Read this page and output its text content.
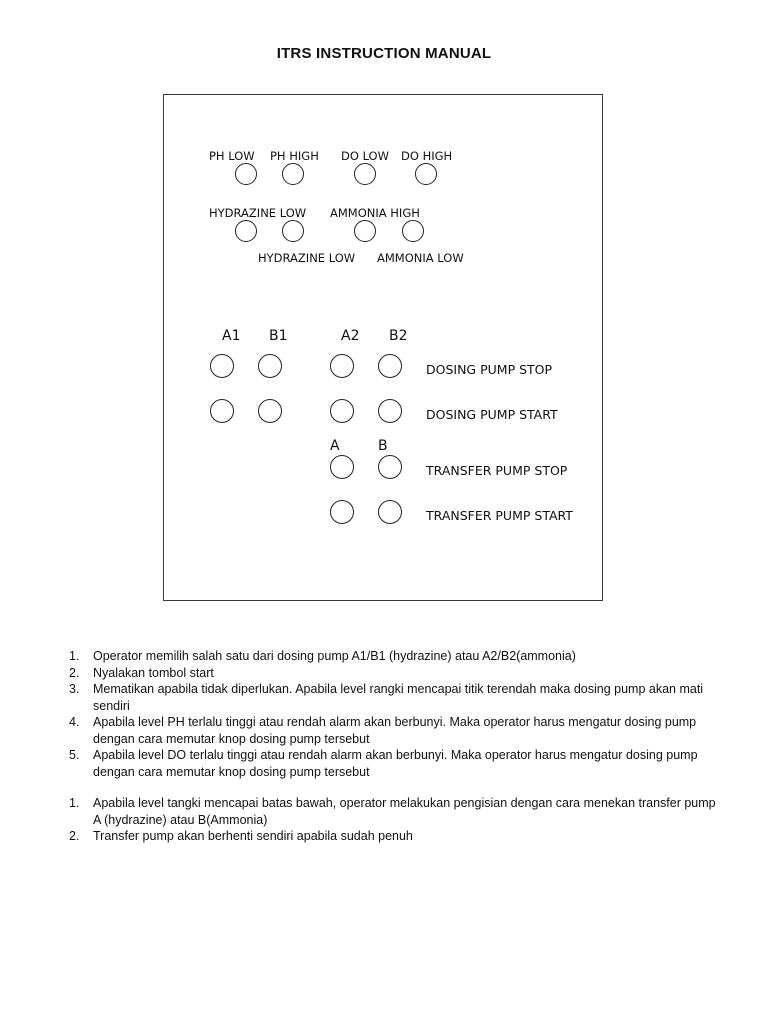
ITRS INSTRUCTION MANUAL
PH LOW PH HIGH DO LOW DO HIGH
HYDRAZINE LOW AMMONIA HIGH
HYDRAZINE LOW AMMONIA LOW
A1 B1	A2 B2
DOSING PUMP STOP
DOSING PUMP START
A	B
TRANSFER PUMP STOP
TRANSFER PUMP START
1. Operator memilih salah satu dari dosing pump A1/B1 (hydrazine) atau A2/B2(ammonia)
2. Nyalakan tombol start
3. Mematikan apabila tidak diperlukan. Apabila level rangki mencapai titik terendah maka dosing pump akan mati sendiri
4. Apabila level PH terlalu tinggi atau rendah alarm akan berbunyi. Maka operator harus mengatur dosing pump dengan cara memutar knop dosing pump tersebut
5. Apabila level DO terlalu tinggi atau rendah alarm akan berbunyi. Maka operator harus mengatur dosing pump dengan cara memutar knop dosing pump tersebut
1. Apabila level tangki mencapai batas bawah, operator melakukan pengisian dengan cara menekan transfer pump A (hydrazine) atau B(Ammonia)
2. Transfer pump akan berhenti sendiri apabila sudah penuh
